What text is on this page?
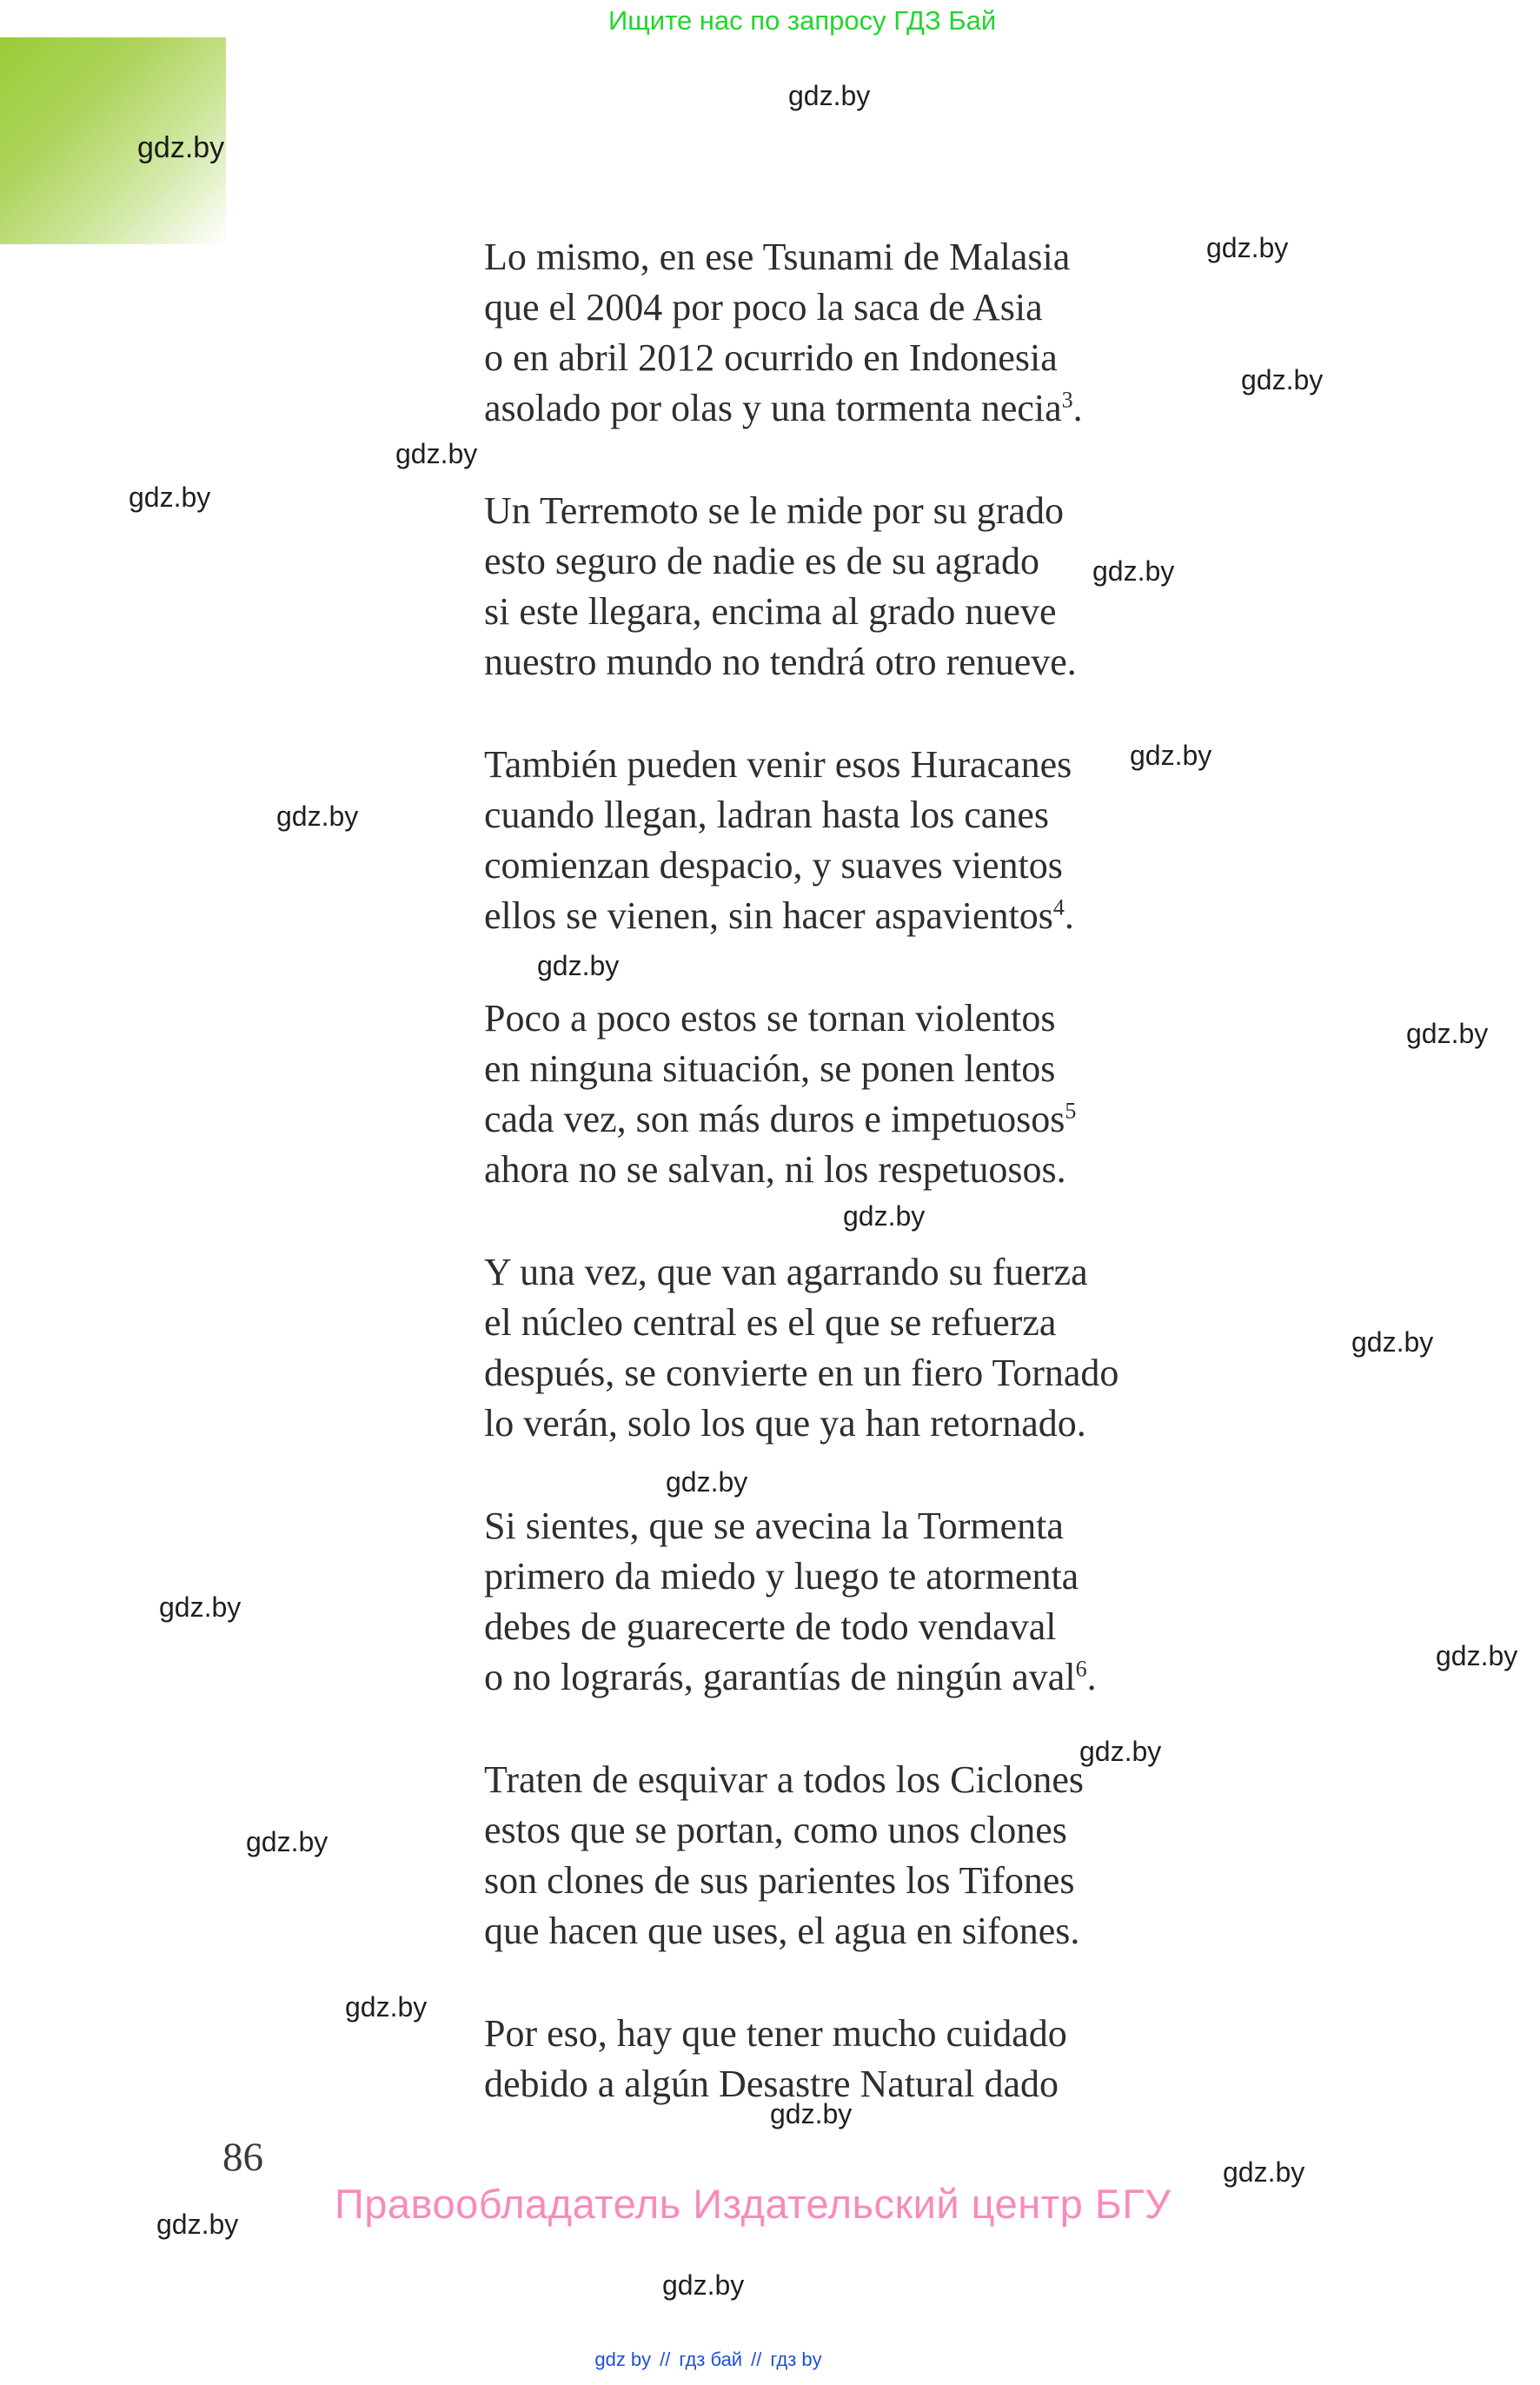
Ищите нас по запросу ГДЗ Бай
gdz.by
gdz.by
gdz.by
gdz.by
gdz.by
gdz.by
gdz.by
gdz.by
gdz.by
gdz.by
gdz.by
gdz.by
gdz.by
gdz.by
gdz.by
gdz.by
gdz.by
gdz.by
gdz.by
gdz.by
gdz.by
gdz.by
gdz.by
Lo mismo, en ese Tsunami de Malasia
que el 2004 por poco la saca de Asia
o en abril 2012 ocurrido en Indonesia
asolado por olas y una tormenta necia$^3$.
Un Terremoto se le mide por su grado
esto seguro de nadie es de su agrado
si este llegara, encima al grado nueve
nuestro mundo no tendrá otro renueve.
También pueden venir esos Huracanes
cuando llegan, ladran hasta los canes
comienzan despacio, y suaves vientos
ellos se vienen, sin hacer aspavientos$^4$.
Poco a poco estos se tornan violentos
en ninguna situación, se ponen lentos
cada vez, son más duros e impetuosos$^5$
ahora no se salvan, ni los respetuosos.
Y una vez, que van agarrando su fuerza
el núcleo central es el que se refuerza
después, se convierte en un fiero Tornado
lo verán, solo los que ya han retornado.
Si sientes, que se avecina la Tormenta
primero da miedo y luego te atormenta
debes de guarecerte de todo vendaval
o no lograrás, garantías de ningún aval$^6$.
Traten de esquivar a todos los Ciclones
estos que se portan, como unos clones
son clones de sus parientes los Tifones
que hacen que uses, el agua en sifones.
Por eso, hay que tener mucho cuidado
debido a algún Desastre Natural dado
86
Правообладатель Издательский центр БГУ
gdz by // гдз бай // гдз by
